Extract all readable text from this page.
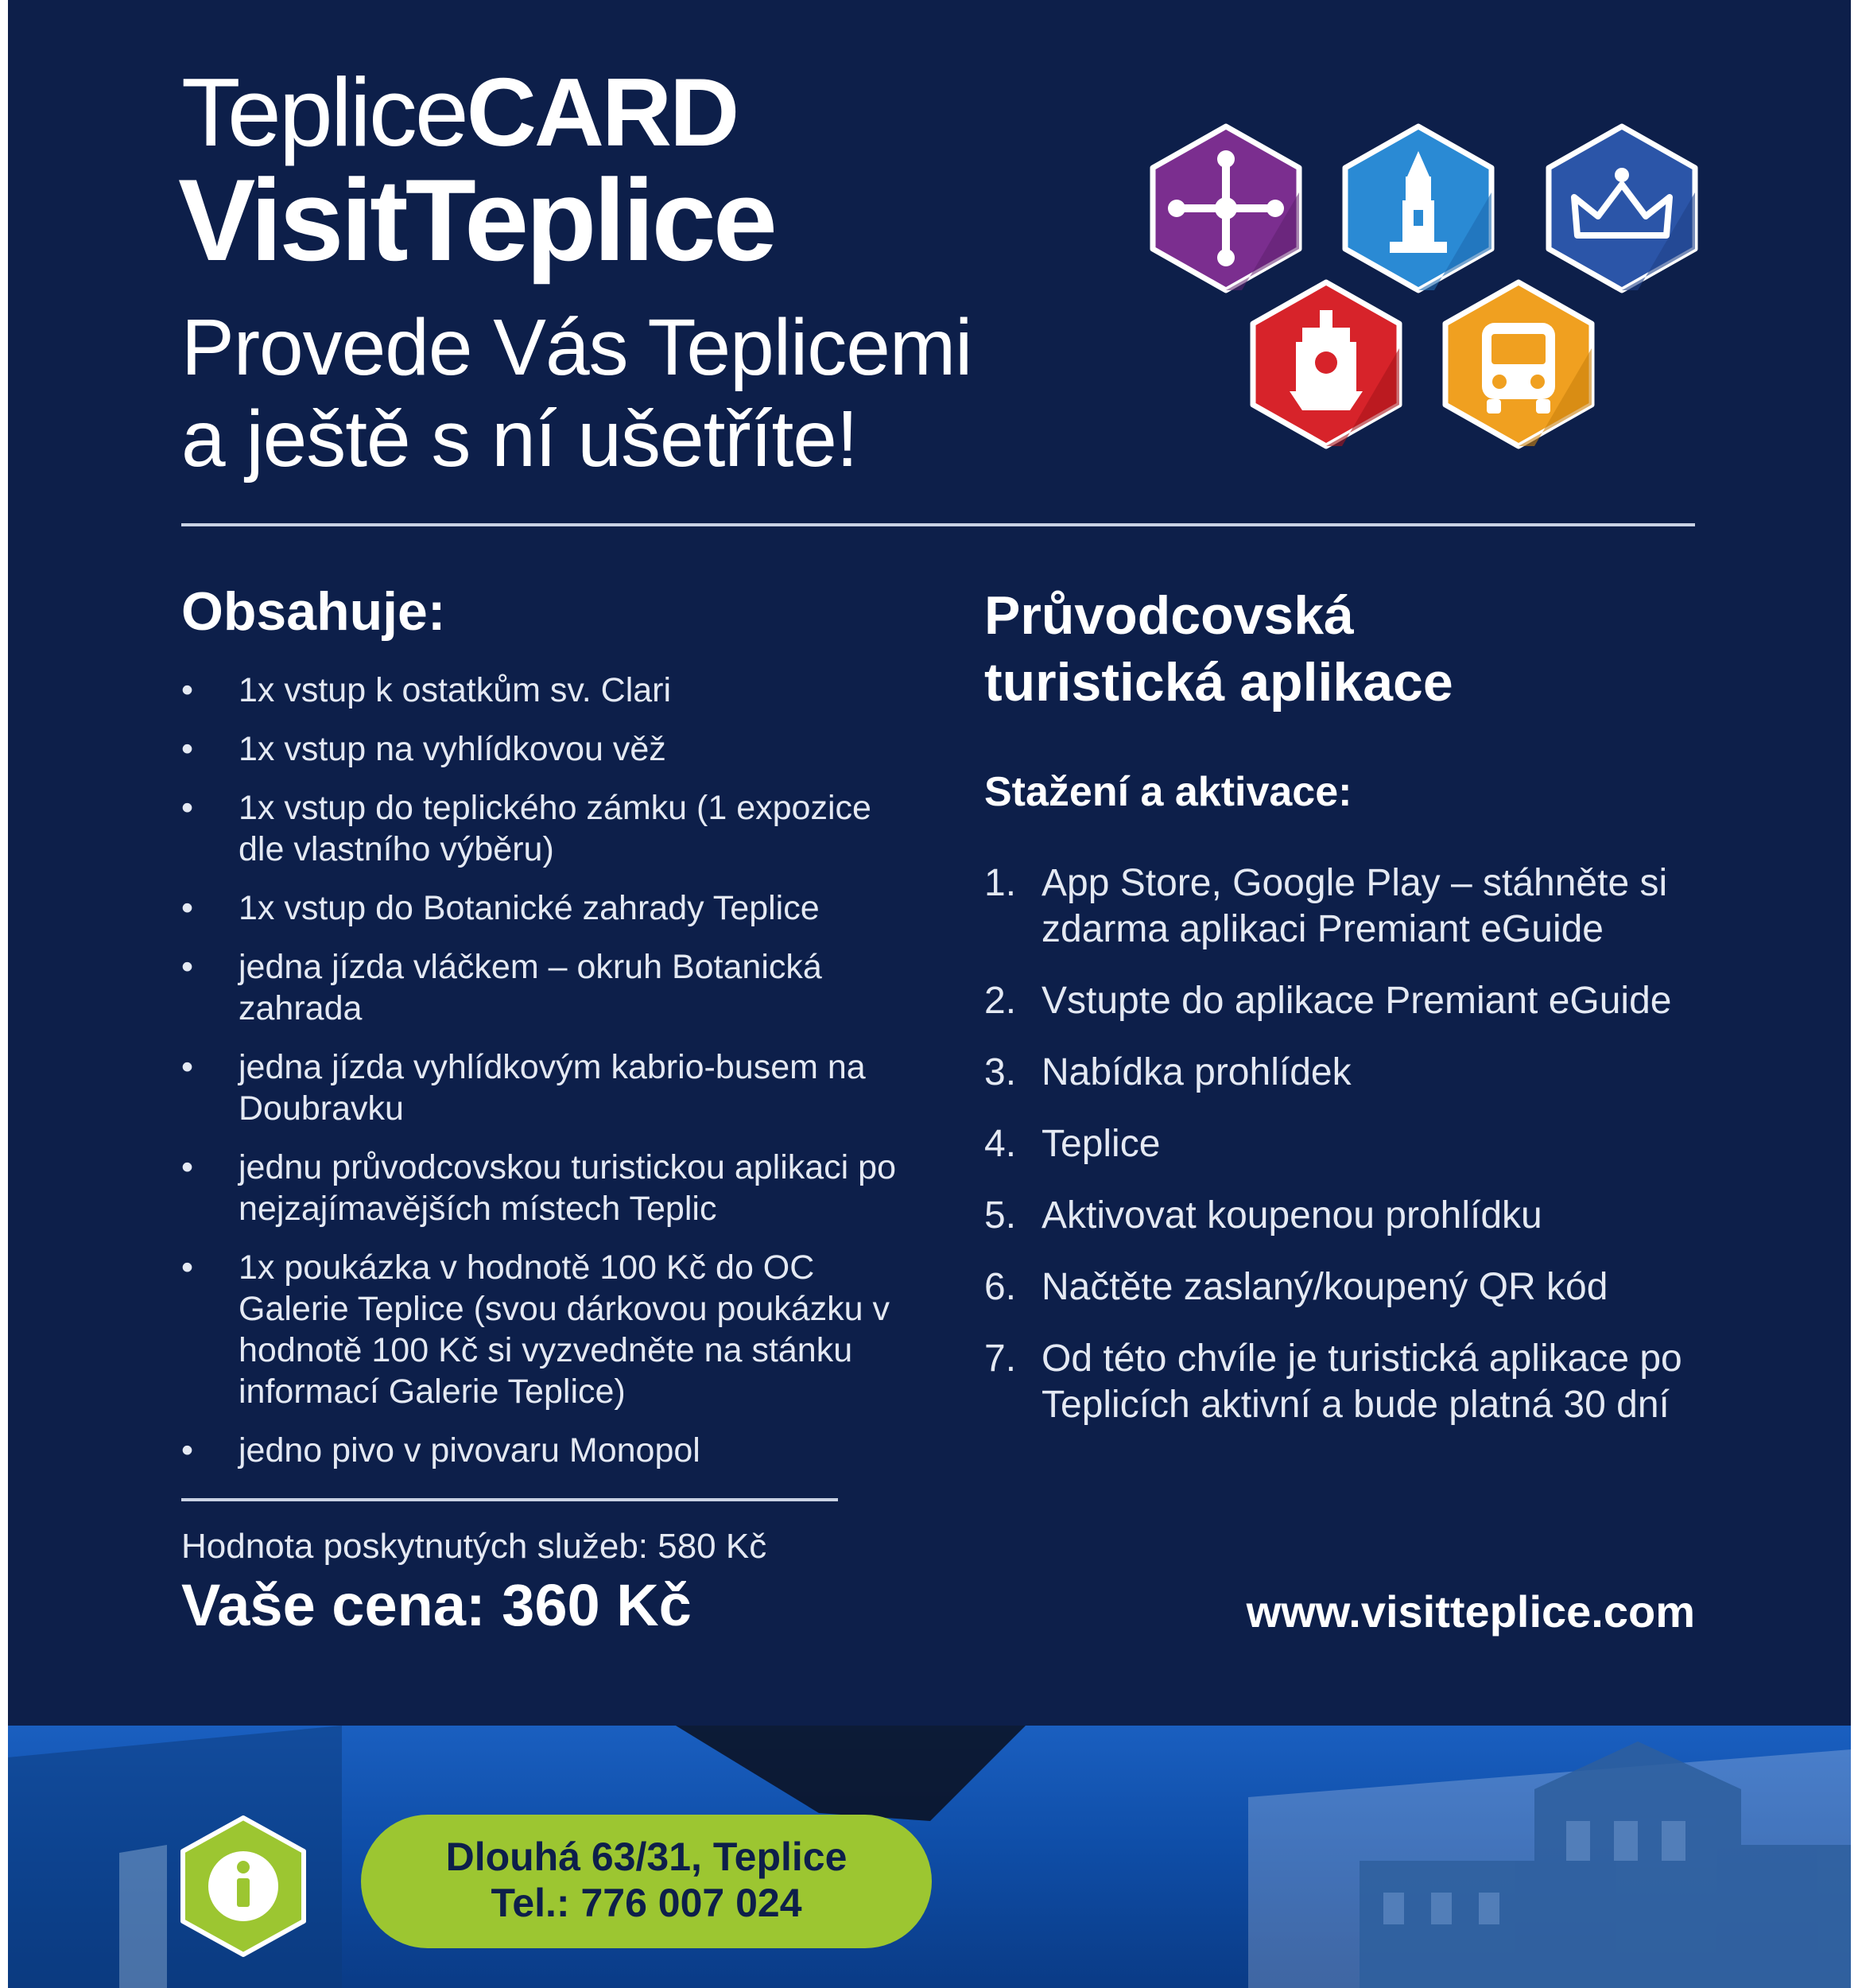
TepliceCARD
VisitTeplice
Provede Vás Teplicemi
a ještě s ní ušetříte!
Obsahuje:
• 1x vstup k ostatkům sv. Clari
• 1x vstup na vyhlídkovou věž
• 1x vstup do teplického zámku (1 expozice dle vlastního výběru)
• 1x vstup do Botanické zahrady Teplice
• jedna jízda vláčkem – okruh Botanická zahrada
• jedna jízda vyhlídkovým kabrio-busem na Doubravku
• jednu průvodcovskou turistickou aplikaci po nejzajímavějších místech Teplic
• 1x poukázka v hodnotě 100 Kč do OC Galerie Teplice (svou dárkovou poukázku v hodnotě 100 Kč si vyzvedněte na stánku informací Galerie Teplice)
• jedno pivo v pivovaru Monopol
Hodnota poskytnutých služeb: 580 Kč
Vaše cena: 360 Kč
Průvodcovská
turistická aplikace
Stažení a aktivace:
1. App Store, Google Play – stáhněte si zdarma aplikaci Premiant eGuide
2. Vstupte do aplikace Premiant eGuide
3. Nabídka prohlídek
4. Teplice
5. Aktivovat koupenou prohlídku
6. Načtěte zaslaný/koupený QR kód
7. Od této chvíle je turistická aplikace po Teplicích aktivní a bude platná 30 dní
www.visitteplice.com
Dlouhá 63/31, Teplice
Tel.: 776 007 024
